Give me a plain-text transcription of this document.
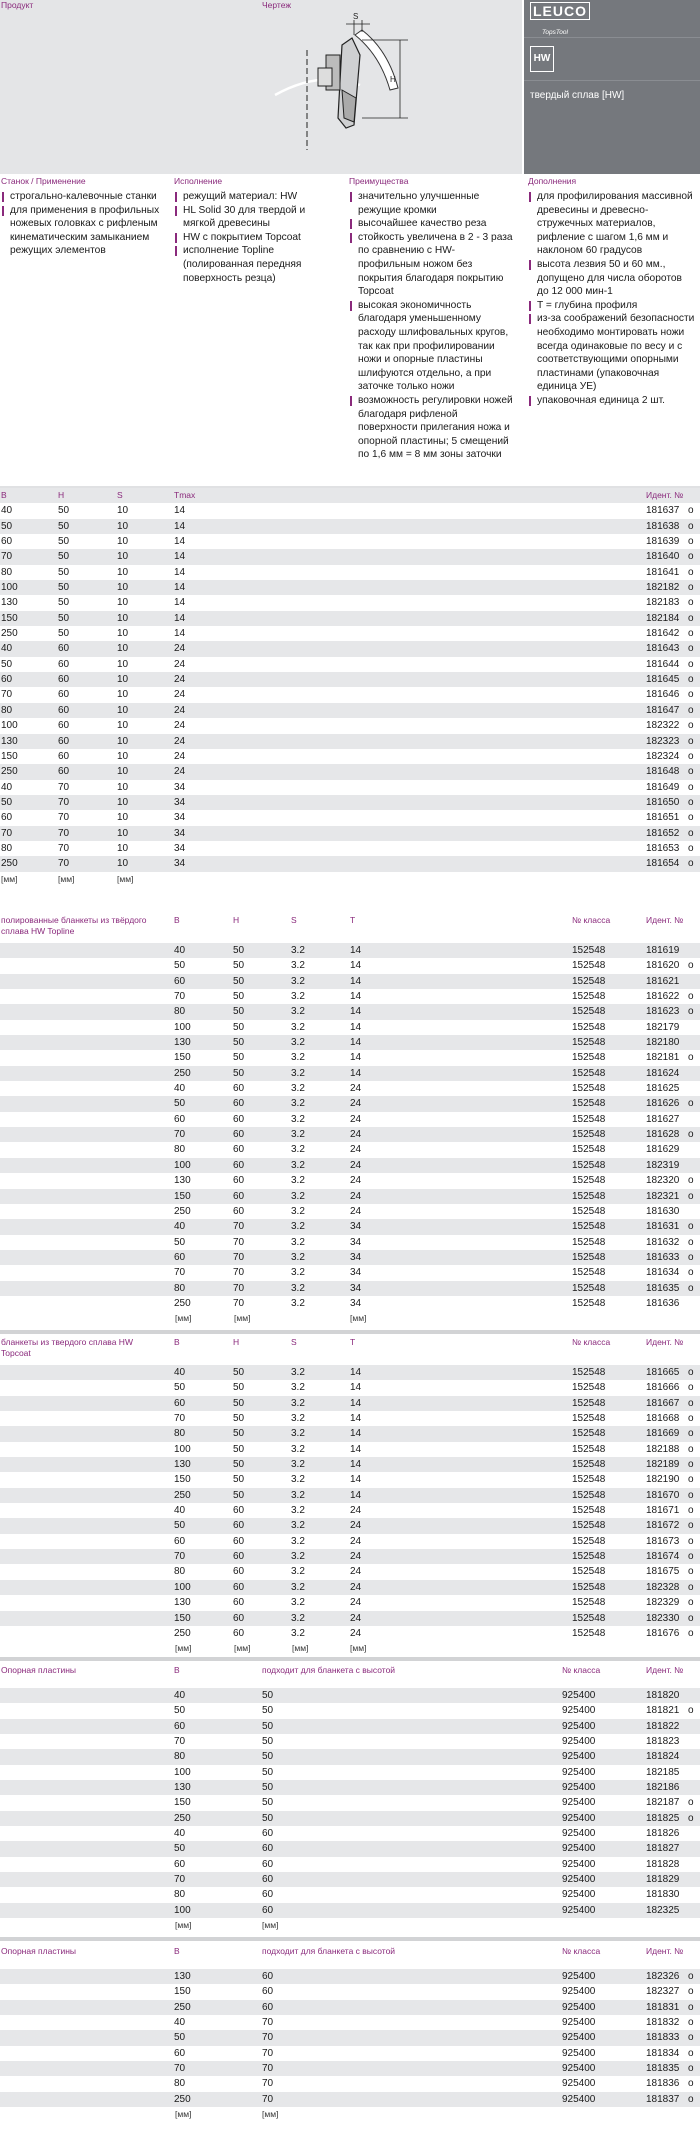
Продукт	Чертеж
S
H
LEUCO
TopsTool
HW
твердый сплав [HW]
Станок / Применение
строгально-калевочные станки
для применения в профильных ножевых головках с рифленым кинематическим замыканием режущих элементов
Исполнение
режущий материал: HW
HL Solid 30 для твердой и мягкой древесины
HW с покрытием Topcoat
исполнение Topline (полированная передняя поверхность резца)
Преимущества
значительно улучшенные режущие кромки
высочайшее качество реза
стойкость увеличена в 2 - 3 раза по сравнению с HW-профильным ножом без покрытия благодаря покрытию Topcoat
высокая экономичность благодаря уменьшенному расходу шлифовальных кругов, так как при профилировании ножи и опорные пластины шлифуются отдельно, а при заточке только ножи
возможность регулировки ножей благодаря рифленой поверхности прилегания ножа и опорной пластины; 5 смещений по 1,6 мм = 8 мм зоны заточки
Дополнения
для профилирования массивной древесины и древесно-стружечных материалов, рифление с шагом 1,6 мм и наклоном 60 градусов
высота лезвия 50 и 60 мм., допущено для числа оборотов до 12 000 мин-1
T = глубина профиля
из-за соображений безопасности необходимо монтировать ножи всегда одинаковые по весу и с соответствующими опорными пластинами (упаковочная единица УЕ)
упаковочная единица 2 шт.
B	H	S	Tmax	Идент. №
40	50	10	14	181637 o
50	50	10	14	181638 o
60	50	10	14	181639 o
70	50	10	14	181640 o
80	50	10	14	181641 o
100	50	10	14	182182 o
130	50	10	14	182183 o
150	50	10	14	182184 o
250	50	10	14	181642 o
40	60	10	24	181643 o
50	60	10	24	181644 o
60	60	10	24	181645 o
70	60	10	24	181646 o
80	60	10	24	181647 o
100	60	10	24	182322 o
130	60	10	24	182323 o
150	60	10	24	182324 o
250	60	10	24	181648 o
40	70	10	34	181649 o
50	70	10	34	181650 o
60	70	10	34	181651 o
70	70	10	34	181652 o
80	70	10	34	181653 o
250	70	10	34	181654 o
[мм]	[мм]	[мм]
полированные бланкеты из твёрдого сплава HW Topline
B	H	S	T	№ класса	Идент. №
40	50	3.2	14	152548	181619
50	50	3.2	14	152548	181620 o
60	50	3.2	14	152548	181621
70	50	3.2	14	152548	181622 o
80	50	3.2	14	152548	181623 o
100	50	3.2	14	152548	182179
130	50	3.2	14	152548	182180
150	50	3.2	14	152548	182181 o
250	50	3.2	14	152548	181624
40	60	3.2	24	152548	181625
50	60	3.2	24	152548	181626 o
60	60	3.2	24	152548	181627
70	60	3.2	24	152548	181628 o
80	60	3.2	24	152548	181629
100	60	3.2	24	152548	182319
130	60	3.2	24	152548	182320 o
150	60	3.2	24	152548	182321 o
250	60	3.2	24	152548	181630
40	70	3.2	34	152548	181631 o
50	70	3.2	34	152548	181632 o
60	70	3.2	34	152548	181633 o
70	70	3.2	34	152548	181634 o
80	70	3.2	34	152548	181635 o
250	70	3.2	34	152548	181636
[мм]	[мм]	[мм]
бланкеты из твердого сплава HW Topcoat
B	H	S	T	№ класса	Идент. №
40	50	3.2	14	152548	181665 o
50	50	3.2	14	152548	181666 o
60	50	3.2	14	152548	181667 o
70	50	3.2	14	152548	181668 o
80	50	3.2	14	152548	181669 o
100	50	3.2	14	152548	182188 o
130	50	3.2	14	152548	182189 o
150	50	3.2	14	152548	182190 o
250	50	3.2	14	152548	181670 o
40	60	3.2	24	152548	181671 o
50	60	3.2	24	152548	181672 o
60	60	3.2	24	152548	181673 o
70	60	3.2	24	152548	181674 o
80	60	3.2	24	152548	181675 o
100	60	3.2	24	152548	182328 o
130	60	3.2	24	152548	182329 o
150	60	3.2	24	152548	182330 o
250	60	3.2	24	152548	181676 o
[мм]	[мм]	[мм]	[мм]
Опорная пластины	B	подходит для бланкета с высотой	№ класса	Идент. №
40	50	925400	181820
50	50	925400	181821 o
60	50	925400	181822
70	50	925400	181823
80	50	925400	181824
100	50	925400	182185
130	50	925400	182186
150	50	925400	182187 o
250	50	925400	181825 o
40	60	925400	181826
50	60	925400	181827
60	60	925400	181828
70	60	925400	181829
80	60	925400	181830
100	60	925400	182325
[мм]	[мм]
Опорная пластины	B	подходит для бланкета с высотой	№ класса	Идент. №
130	60	925400	182326 o
150	60	925400	182327 o
250	60	925400	181831 o
40	70	925400	181832 o
50	70	925400	181833 o
60	70	925400	181834 o
70	70	925400	181835 o
80	70	925400	181836 o
250	70	925400	181837 o
[мм]	[мм]
